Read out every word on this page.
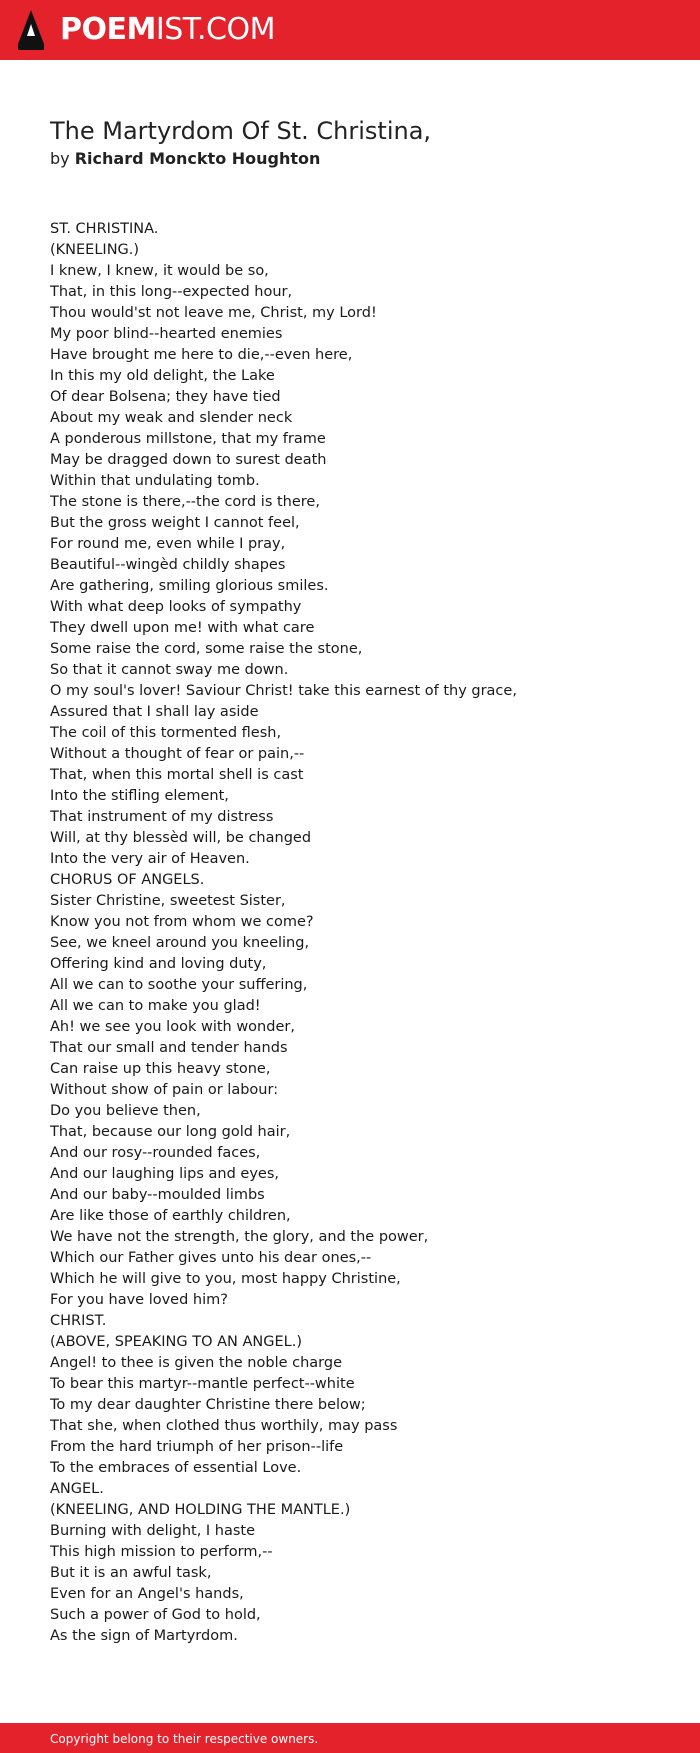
POEMIST.COM
The Martyrdom Of St. Christina,
by Richard Monckto Houghton
ST. CHRISTINA.
(KNEELING.)
I knew, I knew, it would be so,
That, in this long--expected hour,
Thou would'st not leave me, Christ, my Lord!
My poor blind--hearted enemies
Have brought me here to die,--even here,
In this my old delight, the Lake
Of dear Bolsena; they have tied
About my weak and slender neck
A ponderous millstone, that my frame
May be dragged down to surest death
Within that undulating tomb.
The stone is there,--the cord is there,
But the gross weight I cannot feel,
For round me, even while I pray,
Beautiful--wingèd childly shapes
Are gathering, smiling glorious smiles.
With what deep looks of sympathy
They dwell upon me! with what care
Some raise the cord, some raise the stone,
So that it cannot sway me down.
O my soul's lover! Saviour Christ! take this earnest of thy grace,
Assured that I shall lay aside
The coil of this tormented flesh,
Without a thought of fear or pain,--
That, when this mortal shell is cast
Into the stifling element,
That instrument of my distress
Will, at thy blessèd will, be changed
Into the very air of Heaven.
CHORUS OF ANGELS.
Sister Christine, sweetest Sister,
Know you not from whom we come?
See, we kneel around you kneeling,
Offering kind and loving duty,
All we can to soothe your suffering,
All we can to make you glad!
Ah! we see you look with wonder,
That our small and tender hands
Can raise up this heavy stone,
Without show of pain or labour:
Do you believe then,
That, because our long gold hair,
And our rosy--rounded faces,
And our laughing lips and eyes,
And our baby--moulded limbs
Are like those of earthly children,
We have not the strength, the glory, and the power,
Which our Father gives unto his dear ones,--
Which he will give to you, most happy Christine,
For you have loved him?
CHRIST.
(ABOVE, SPEAKING TO AN ANGEL.)
Angel! to thee is given the noble charge
To bear this martyr--mantle perfect--white
To my dear daughter Christine there below;
That she, when clothed thus worthily, may pass
From the hard triumph of her prison--life
To the embraces of essential Love.
ANGEL.
(KNEELING, AND HOLDING THE MANTLE.)
Burning with delight, I haste
This high mission to perform,--
But it is an awful task,
Even for an Angel's hands,
Such a power of God to hold,
As the sign of Martyrdom.
Copyright belong to their respective owners.
